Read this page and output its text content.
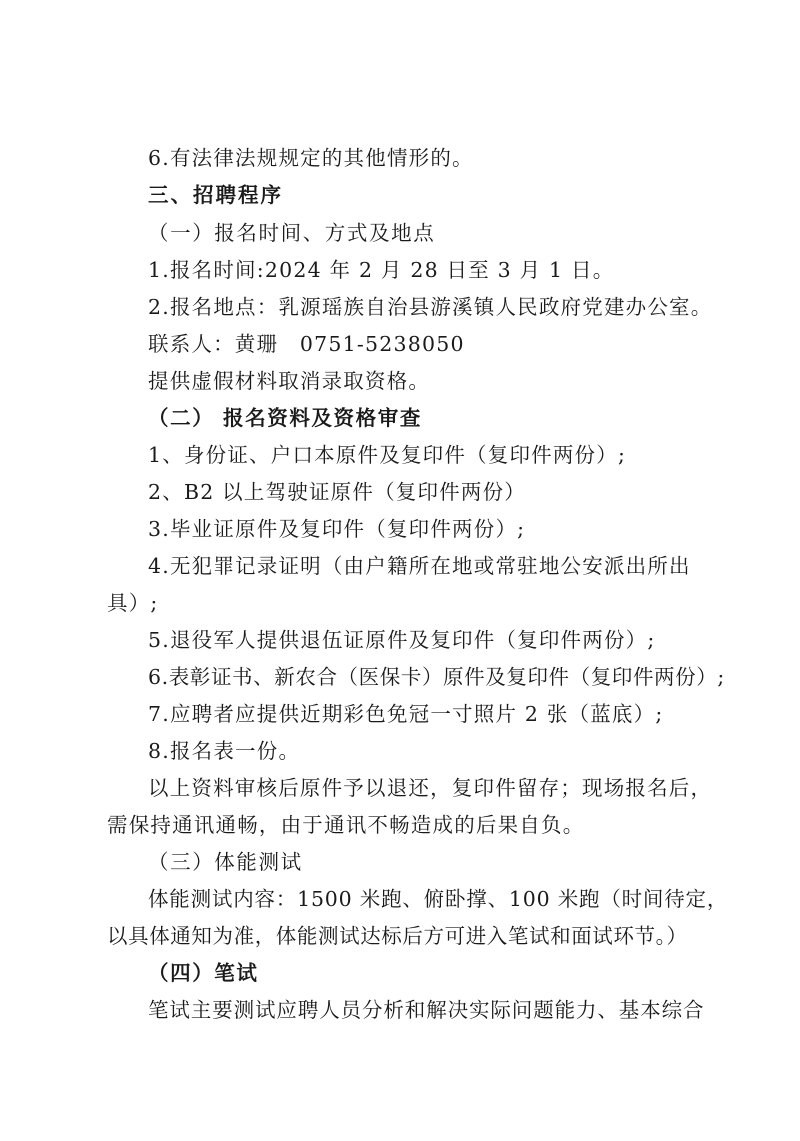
6.有法律法规规定的其他情形的。
三、招聘程序
（一）报名时间、方式及地点
1.报名时间:2024 年 2 月 28 日至 3 月 1 日。
2.报名地点：乳源瑶族自治县游溪镇人民政府党建办公室。
联系人：黄珊　0751-5238050
提供虚假材料取消录取资格。
（二） 报名资料及资格审查
1、身份证、户口本原件及复印件（复印件两份）;
2、B2 以上驾驶证原件（复印件两份）
3.毕业证原件及复印件（复印件两份）;
4.无犯罪记录证明（由户籍所在地或常驻地公安派出所出
具）;
5.退役军人提供退伍证原件及复印件（复印件两份）;
6.表彰证书、新农合（医保卡）原件及复印件（复印件两份）;
7.应聘者应提供近期彩色免冠一寸照片 2 张（蓝底）;
8.报名表一份。
以上资料审核后原件予以退还，复印件留存；现场报名后，
需保持通讯通畅，由于通讯不畅造成的后果自负。
（三）体能测试
体能测试内容：1500 米跑、俯卧撑、100 米跑（时间待定，
以具体通知为准，体能测试达标后方可进入笔试和面试环节。）
（四）笔试
笔试主要测试应聘人员分析和解决实际问题能力、基本综合
